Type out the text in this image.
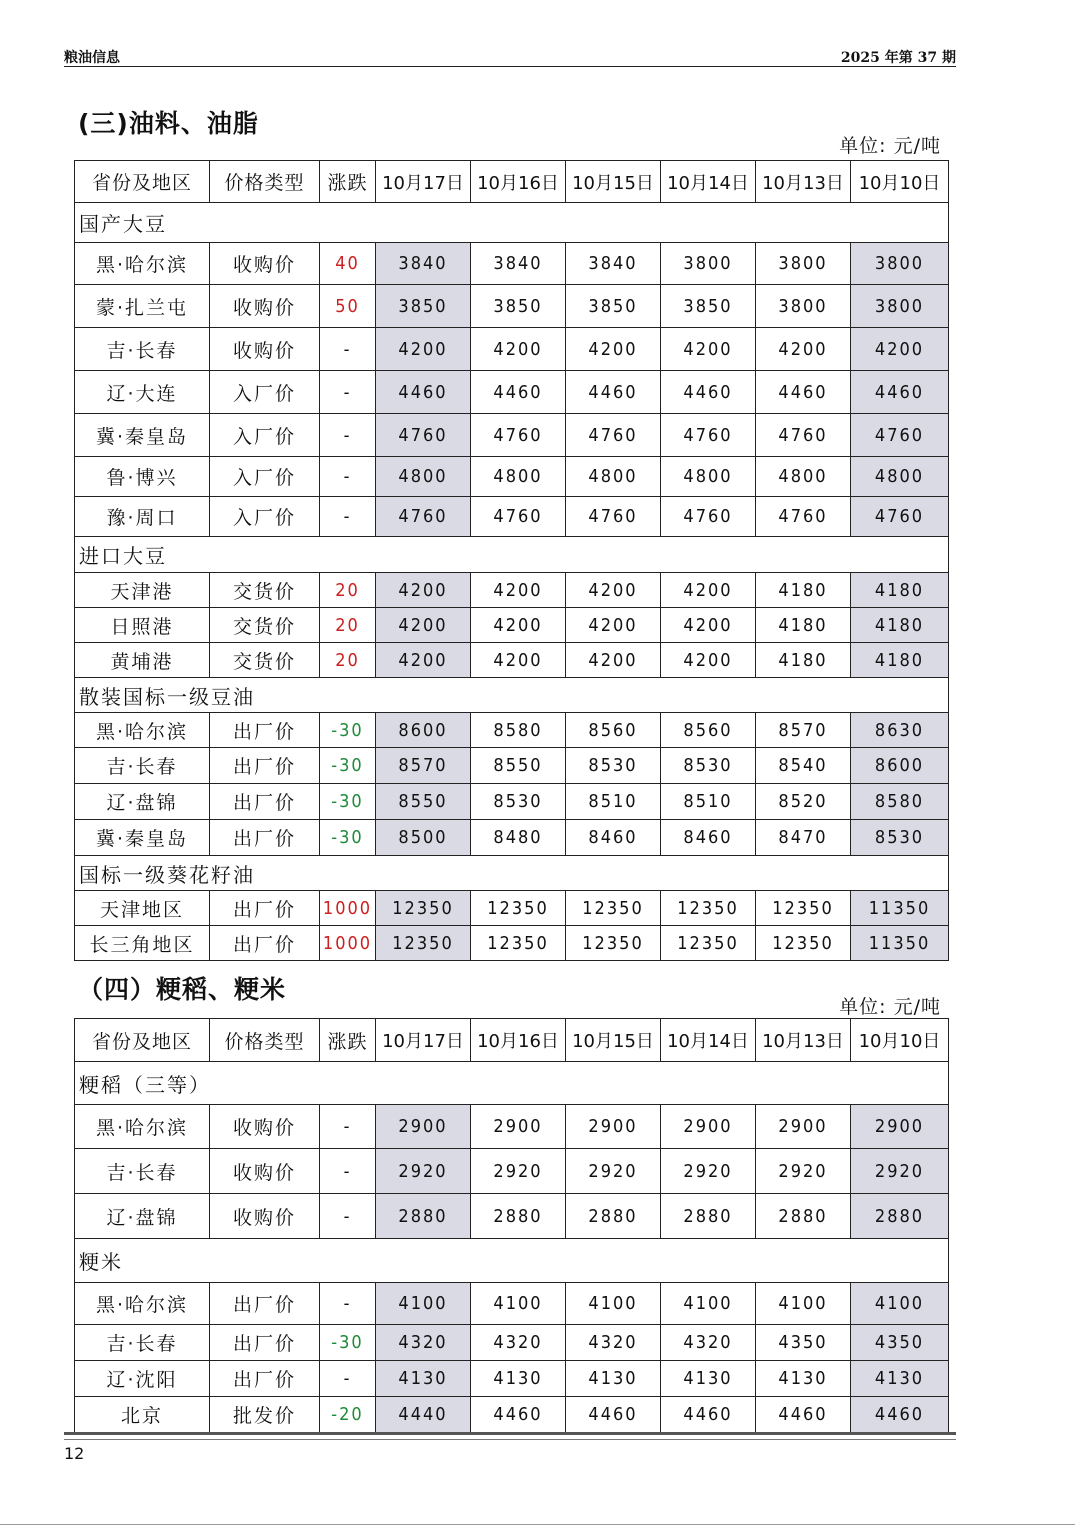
粮油信息	2025 年第 37 期
(三)油料、油脂
单位: 元/吨
省份及地区	价格类型	涨跌	10月17日	10月16日	10月15日	10月14日	10月13日	10月10日
国产大豆								
黑·哈尔滨	收购价	40	3840	3840	3840	3800	3800	3800
蒙·扎兰屯	收购价	50	3850	3850	3850	3850	3800	3800
吉·长春	收购价	-	4200	4200	4200	4200	4200	4200
辽·大连	入厂价	-	4460	4460	4460	4460	4460	4460
冀·秦皇岛	入厂价	-	4760	4760	4760	4760	4760	4760
鲁·博兴	入厂价	-	4800	4800	4800	4800	4800	4800
豫·周口	入厂价	-	4760	4760	4760	4760	4760	4760
进口大豆								
天津港	交货价	20	4200	4200	4200	4200	4180	4180
日照港	交货价	20	4200	4200	4200	4200	4180	4180
黄埔港	交货价	20	4200	4200	4200	4200	4180	4180
散装国标一级豆油								
黑·哈尔滨	出厂价	-30	8600	8580	8560	8560	8570	8630
吉·长春	出厂价	-30	8570	8550	8530	8530	8540	8600
辽·盘锦	出厂价	-30	8550	8530	8510	8510	8520	8580
冀·秦皇岛	出厂价	-30	8500	8480	8460	8460	8470	8530
国标一级葵花籽油								
天津地区	出厂价	1000	12350	12350	12350	12350	12350	11350
长三角地区	出厂价	1000	12350	12350	12350	12350	12350	11350
（四）粳稻、粳米
单位: 元/吨
省份及地区	价格类型	涨跌	10月17日	10月16日	10月15日	10月14日	10月13日	10月10日
粳稻（三等）								
黑·哈尔滨	收购价	-	2900	2900	2900	2900	2900	2900
吉·长春	收购价	-	2920	2920	2920	2920	2920	2920
辽·盘锦	收购价	-	2880	2880	2880	2880	2880	2880
粳米								
黑·哈尔滨	出厂价	-	4100	4100	4100	4100	4100	4100
吉·长春	出厂价	-30	4320	4320	4320	4320	4350	4350
辽·沈阳	出厂价	-	4130	4130	4130	4130	4130	4130
北京	批发价	-20	4440	4460	4460	4460	4460	4460
12
